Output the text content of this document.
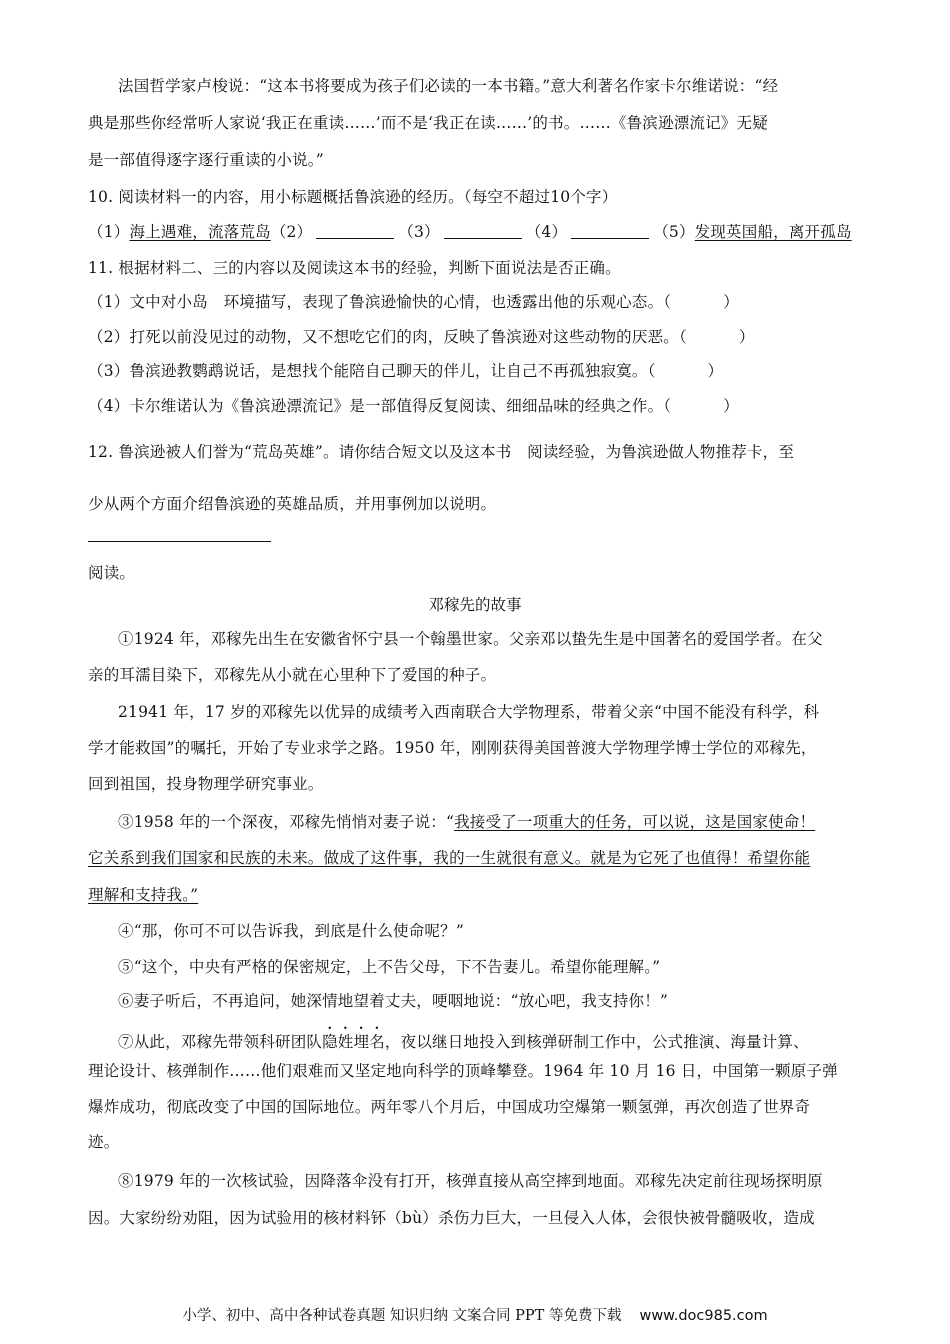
法国哲学家卢梭说：“这本书将要成为孩子们必读的一本书籍。”意大利著名作家卡尔维诺说：“经
典是那些你经常听人家说‘我正在重读……’而不是‘我正在读……’的书。……《鲁滨逊漂流记》无疑
是一部值得逐字逐行重读的小说。”
10. 阅读材料一的内容，用小标题概括鲁滨逊的经历。（每空不超过10个字）
（1）海上遇难，流落荒岛（2）	（3）	（4）	（5）发现英国船，离开孤岛
11. 根据材料二、三的内容以及阅读这本书的经验，判断下面说法是否正确。
（1）文中对小岛　环境描写，表现了鲁滨逊愉快的心情，也透露出他的乐观心态。（	）
（2）打死以前没见过的动物，又不想吃它们的肉，反映了鲁滨逊对这些动物的厌恶。（	）
（3）鲁滨逊教鹦鹉说话，是想找个能陪自己聊天的伴儿，让自己不再孤独寂寞。（	）
（4）卡尔维诺认为《鲁滨逊漂流记》是一部值得反复阅读、细细品味的经典之作。（	）
12. 鲁滨逊被人们誉为“荒岛英雄”。请你结合短文以及这本书　阅读经验，为鲁滨逊做人物推荐卡，至
少从两个方面介绍鲁滨逊的英雄品质，并用事例加以说明。
阅读。
邓稼先的故事
①1924 年，邓稼先出生在安徽省怀宁县一个翰墨世家。父亲邓以蛰先生是中国著名的爱国学者。在父
亲的耳濡目染下，邓稼先从小就在心里种下了爱国的种子。
21941 年，17 岁的邓稼先以优异的成绩考入西南联合大学物理系，带着父亲“中国不能没有科学，科
学才能救国”的嘱托，开始了专业求学之路。1950 年，刚刚获得美国普渡大学物理学博士学位的邓稼先，
回到祖国，投身物理学研究事业。
③1958 年的一个深夜，邓稼先悄悄对妻子说：“我接受了一项重大的任务，可以说，这是国家使命！
它关系到我们国家和民族的未来。做成了这件事，我的一生就很有意义。就是为它死了也值得！希望你能
理解和支持我。”
④“那，你可不可以告诉我，到底是什么使命呢？”
⑤“这个，中央有严格的保密规定，上不告父母，下不告妻儿。希望你能理解。”
⑥妻子听后，不再追问，她深情地望着丈夫，哽咽地说：“放心吧，我支持你！”
⑦从此，邓稼先带领科研团队隐姓埋名，夜以继日地投入到核弹研制工作中，公式推演、海量计算、
理论设计、核弹制作……他们艰难而又坚定地向科学的顶峰攀登。1964 年 10 月 16 日，中国第一颗原子弹
爆炸成功，彻底改变了中国的国际地位。两年零八个月后，中国成功空爆第一颗氢弹，再次创造了世界奇
迹。
⑧1979 年的一次核试验，因降落伞没有打开，核弹直接从高空摔到地面。邓稼先决定前往现场探明原
因。大家纷纷劝阻，因为试验用的核材料钚（bù）杀伤力巨大，一旦侵入人体，会很快被骨髓吸收，造成
小学、初中、高中各种试卷真题 知识归纳 文案合同 PPT 等免费下载 www.doc985.com
